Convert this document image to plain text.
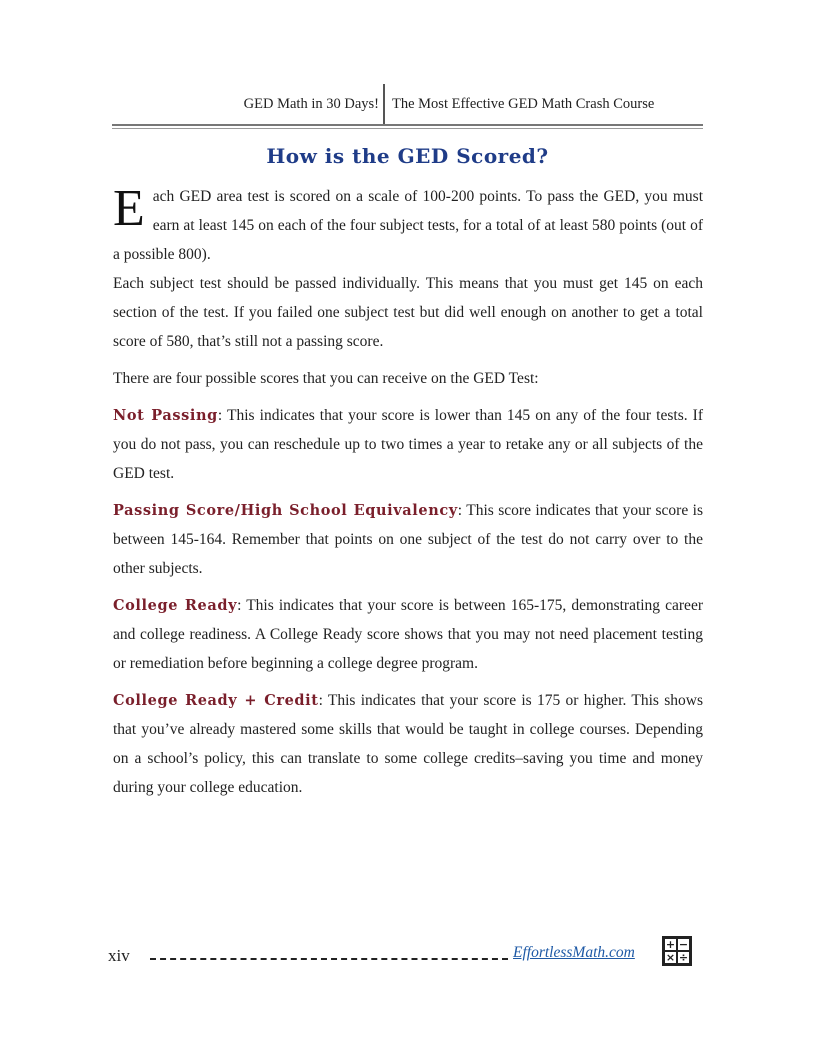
GED Math in 30 Days! The Most Effective GED Math Crash Course
How is the GED Scored?

Each GED area test is scored on a scale of 100-200 points. To pass the GED, you must earn at least 145 on each of the four subject tests, for a total of at least 580 points (out of a possible 800).

Each subject test should be passed individually. This means that you must get 145 on each section of the test. If you failed one subject test but did well enough on another to get a total score of 580, that’s still not a passing score.

There are four possible scores that you can receive on the GED Test:

Not Passing: This indicates that your score is lower than 145 on any of the four tests. If you do not pass, you can reschedule up to two times a year to retake any or all subjects of the GED test.

Passing Score/High School Equivalency: This score indicates that your score is between 145-164. Remember that points on one subject of the test do not carry over to the other subjects.

College Ready: This indicates that your score is between 165-175, demonstrating career and college readiness. A College Ready score shows that you may not need placement testing or remediation before beginning a college degree program.

College Ready + Credit: This indicates that your score is 175 or higher. This shows that you’ve already mastered some skills that would be taught in college courses. Depending on a school’s policy, this can translate to some college credits–saving you time and money during your college education.

xiv	EffortlessMath.com	+ −
× ÷
